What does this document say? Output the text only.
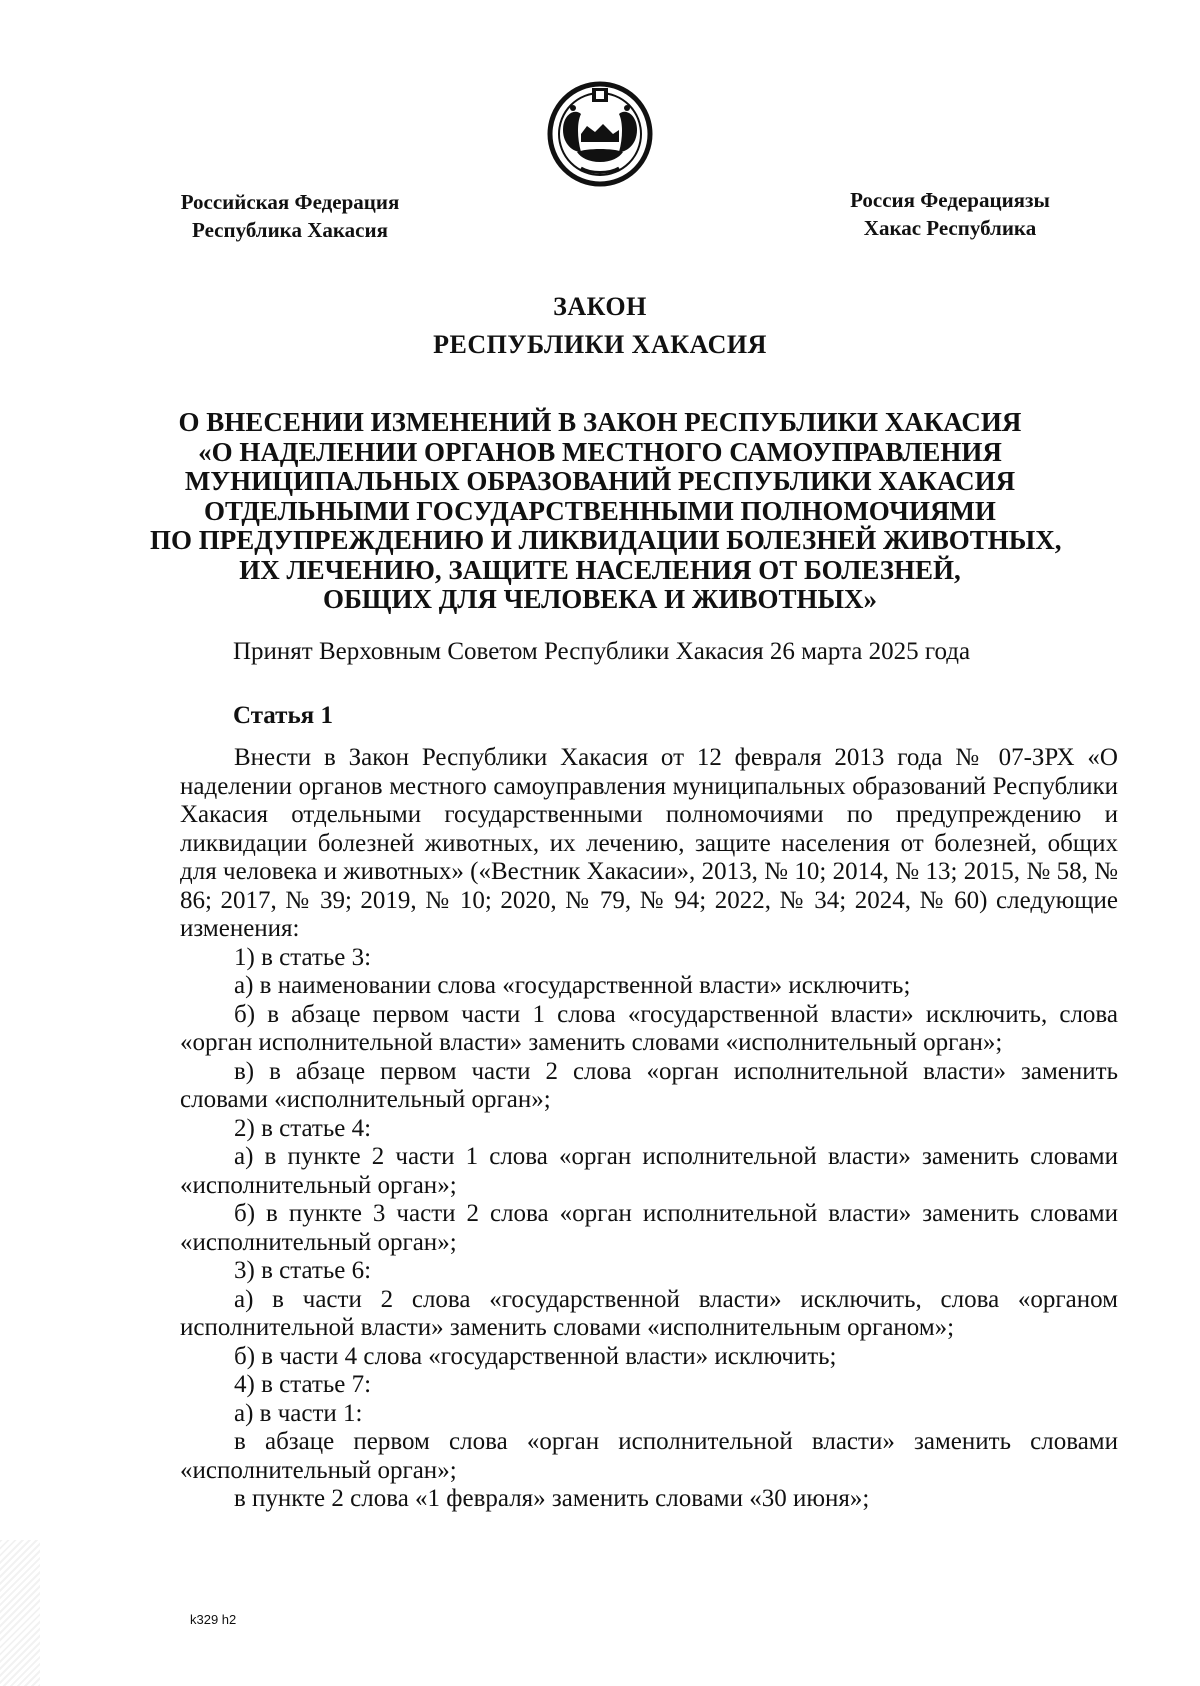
Российская Федерация
Республика Хакасия
Россия Федерациязы
Хакас Республика
ЗАКОН
РЕСПУБЛИКИ ХАКАСИЯ
О ВНЕСЕНИИ ИЗМЕНЕНИЙ В ЗАКОН РЕСПУБЛИКИ ХАКАСИЯ
«О НАДЕЛЕНИИ ОРГАНОВ МЕСТНОГО САМОУПРАВЛЕНИЯ
МУНИЦИПАЛЬНЫХ ОБРАЗОВАНИЙ РЕСПУБЛИКИ ХАКАСИЯ
ОТДЕЛЬНЫМИ ГОСУДАРСТВЕННЫМИ ПОЛНОМОЧИЯМИ
ПО ПРЕДУПРЕЖДЕНИЮ И ЛИКВИДАЦИИ БОЛЕЗНЕЙ ЖИВОТНЫХ,
ИХ ЛЕЧЕНИЮ, ЗАЩИТЕ НАСЕЛЕНИЯ ОТ БОЛЕЗНЕЙ,
ОБЩИХ ДЛЯ ЧЕЛОВЕКА И ЖИВОТНЫХ»
Принят Верховным Советом Республики Хакасия 26 марта 2025 года
Статья 1

Внести в Закон Республики Хакасия от 12 февраля 2013 года № 07-ЗРХ «О наделении органов местного самоуправления муниципальных образований Республики Хакасия отдельными государственными полномочиями по предупреждению и ликвидации болезней животных, их лечению, защите населения от болезней, общих для человека и животных» («Вестник Хакасии», 2013, № 10; 2014, № 13; 2015, № 58, № 86; 2017, № 39; 2019, № 10; 2020, № 79, № 94; 2022, № 34; 2024, № 60) следующие изменения:

1) в статье 3:

а) в наименовании слова «государственной власти» исключить;

б) в абзаце первом части 1 слова «государственной власти» исключить, слова «орган исполнительной власти» заменить словами «исполнительный орган»;

в) в абзаце первом части 2 слова «орган исполнительной власти» заменить словами «исполнительный орган»;

2) в статье 4:

а) в пункте 2 части 1 слова «орган исполнительной власти» заменить словами «исполнительный орган»;

б) в пункте 3 части 2 слова «орган исполнительной власти» заменить словами «исполнительный орган»;

3) в статье 6:

а) в части 2 слова «государственной власти» исключить, слова «органом исполнительной власти» заменить словами «исполнительным органом»;

б) в части 4 слова «государственной власти» исключить;

4) в статье 7:

а) в части 1:

в абзаце первом слова «орган исполнительной власти» заменить словами «исполнительный орган»;

в пункте 2 слова «1 февраля» заменить словами «30 июня»;

k329 h2
